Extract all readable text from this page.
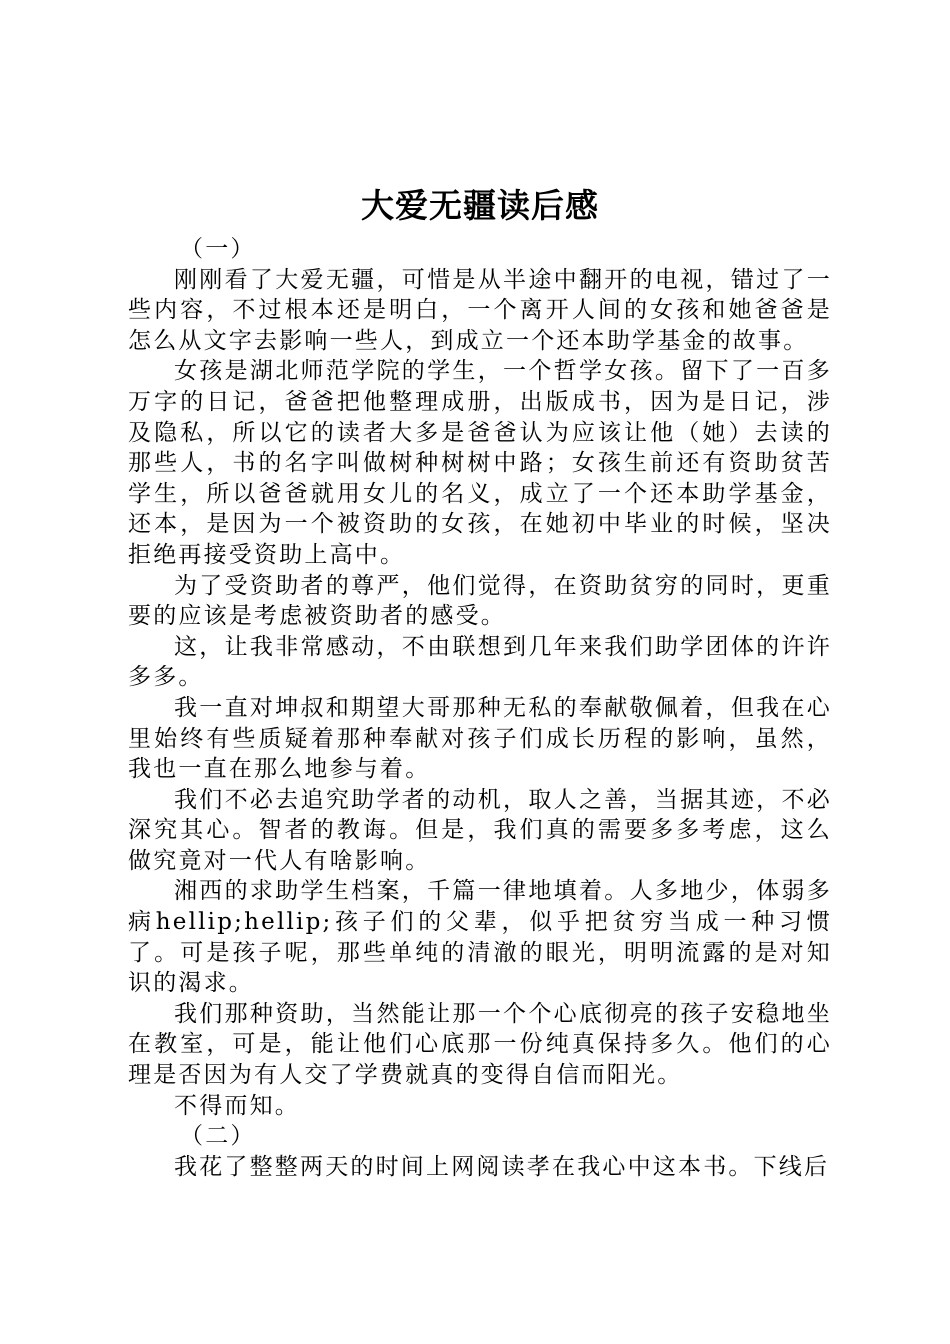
大爱无疆读后感

（一）

刚刚看了大爱无疆，可惜是从半途中翻开的电视，错过了一些内容，不过根本还是明白，一个离开人间的女孩和她爸爸是怎么从文字去影响一些人，到成立一个还本助学基金的故事。

女孩是湖北师范学院的学生，一个哲学女孩。留下了一百多万字的日记，爸爸把他整理成册，出版成书，因为是日记，涉及隐私，所以它的读者大多是爸爸认为应该让他（她）去读的那些人，书的名字叫做树种树树中路；女孩生前还有资助贫苦学生，所以爸爸就用女儿的名义，成立了一个还本助学基金，还本，是因为一个被资助的女孩，在她初中毕业的时候，坚决拒绝再接受资助上高中。

为了受资助者的尊严，他们觉得，在资助贫穷的同时，更重要的应该是考虑被资助者的感受。

这，让我非常感动，不由联想到几年来我们助学团体的许许多多。

我一直对坤叔和期望大哥那种无私的奉献敬佩着，但我在心里始终有些质疑着那种奉献对孩子们成长历程的影响，虽然，我也一直在那么地参与着。

我们不必去追究助学者的动机，取人之善，当据其迹，不必深究其心。智者的教诲。但是，我们真的需要多多考虑，这么做究竟对一代人有啥影响。

湘西的求助学生档案，千篇一律地填着。人多地少，体弱多病hellip;hellip;孩子们的父辈，似乎把贫穷当成一种习惯了。可是孩子呢，那些单纯的清澈的眼光，明明流露的是对知识的渴求。

我们那种资助，当然能让那一个个心底彻亮的孩子安稳地坐在教室，可是，能让他们心底那一份纯真保持多久。他们的心理是否因为有人交了学费就真的变得自信而阳光。

不得而知。

（二）

我花了整整两天的时间上网阅读孝在我心中这本书。下线后
